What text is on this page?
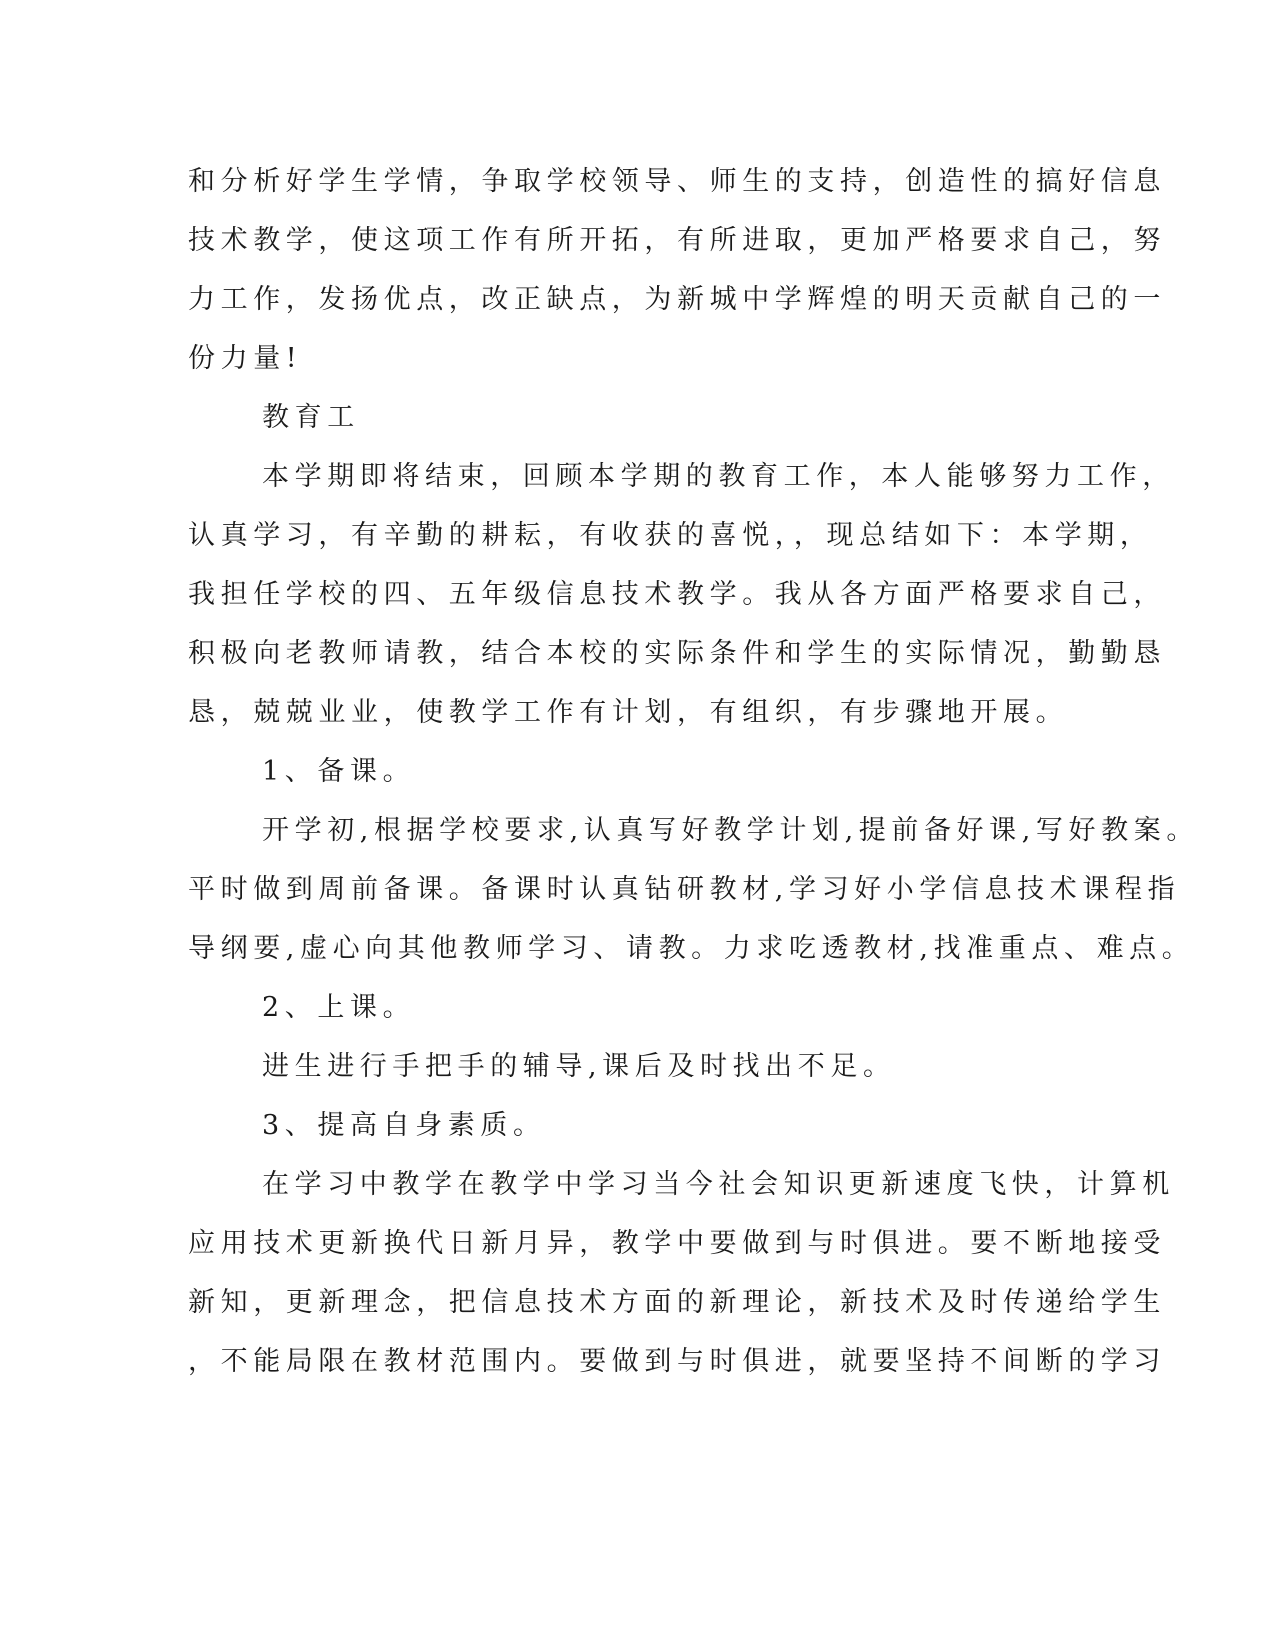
和分析好学生学情，争取学校领导、师生的支持，创造性的搞好信息
技术教学，使这项工作有所开拓，有所进取，更加严格要求自己，努
力工作，发扬优点，改正缺点，为新城中学辉煌的明天贡献自己的一
份力量!
教育工
本学期即将结束，回顾本学期的教育工作，本人能够努力工作，
认真学习，有辛勤的耕耘，有收获的喜悦，，现总结如下：本学期，
我担任学校的四、五年级信息技术教学。我从各方面严格要求自己，
积极向老教师请教，结合本校的实际条件和学生的实际情况，勤勤恳
恳，兢兢业业，使教学工作有计划，有组织，有步骤地开展。
1、备课。
开学初,根据学校要求,认真写好教学计划,提前备好课,写好教案。
平时做到周前备课。备课时认真钻研教材,学习好小学信息技术课程指
导纲要,虚心向其他教师学习、请教。力求吃透教材,找准重点、难点。
2、上课。
进生进行手把手的辅导,课后及时找出不足。
3、提高自身素质。
在学习中教学在教学中学习当今社会知识更新速度飞快，计算机
应用技术更新换代日新月异，教学中要做到与时俱进。要不断地接受
新知，更新理念，把信息技术方面的新理论，新技术及时传递给学生
，不能局限在教材范围内。要做到与时俱进，就要坚持不间断的学习
